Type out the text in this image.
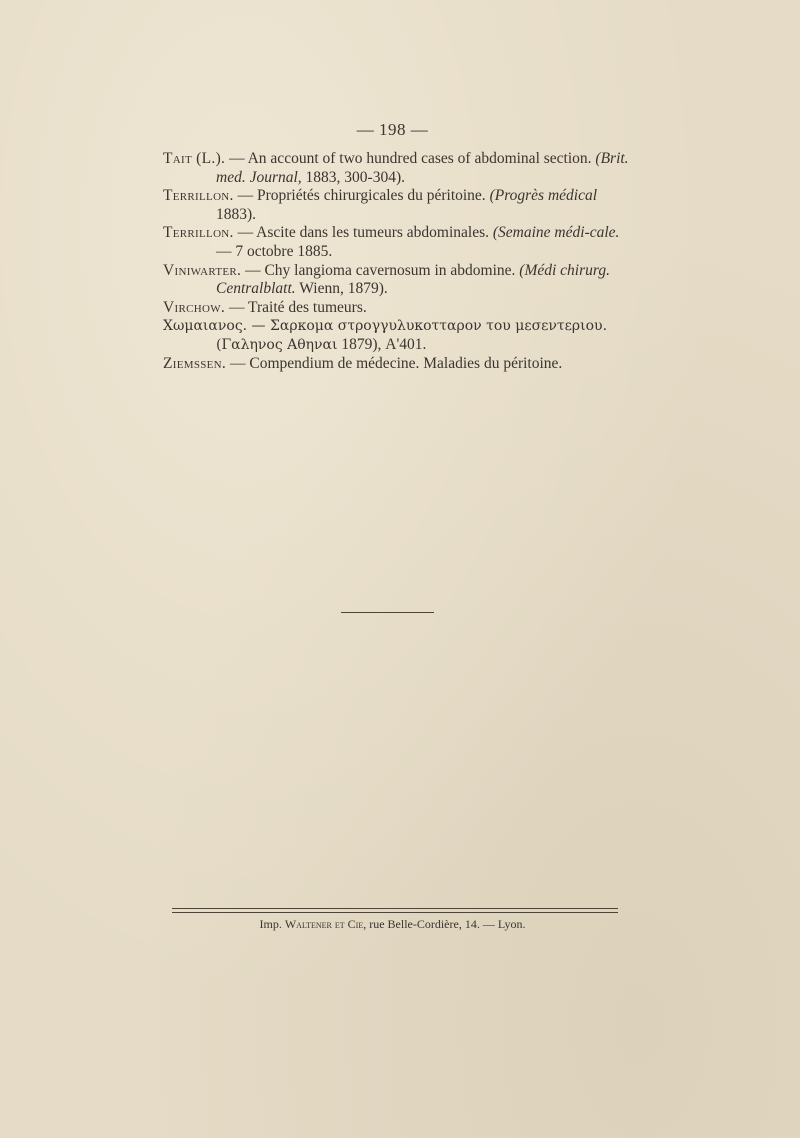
— 198 —

Tait (L.). — An account of two hundred cases of abdominal section. (Brit. med. Journal, 1883, 300-304).

Terrillon. — Propriétés chirurgicales du péritoine. (Progrès médical 1883).

Terrillon. — Ascite dans les tumeurs abdominales. (Semaine médi-cale. — 7 octobre 1885.

Viniwarter. — Chy langioma cavernosum in abdomine. (Médi chirurg. Centralblatt. Wienn, 1879).

Virchow. — Traité des tumeurs.

Χωμαιανος. — Σαρκομα στρογγυλυκοτταρον του μεσεντεριου. (Γαληνος Αθηναι 1879), A'401.

Ziemssen. — Compendium de médecine. Maladies du péritoine.

Imp. Waltener et Cie, rue Belle-Cordière, 14. — Lyon.
